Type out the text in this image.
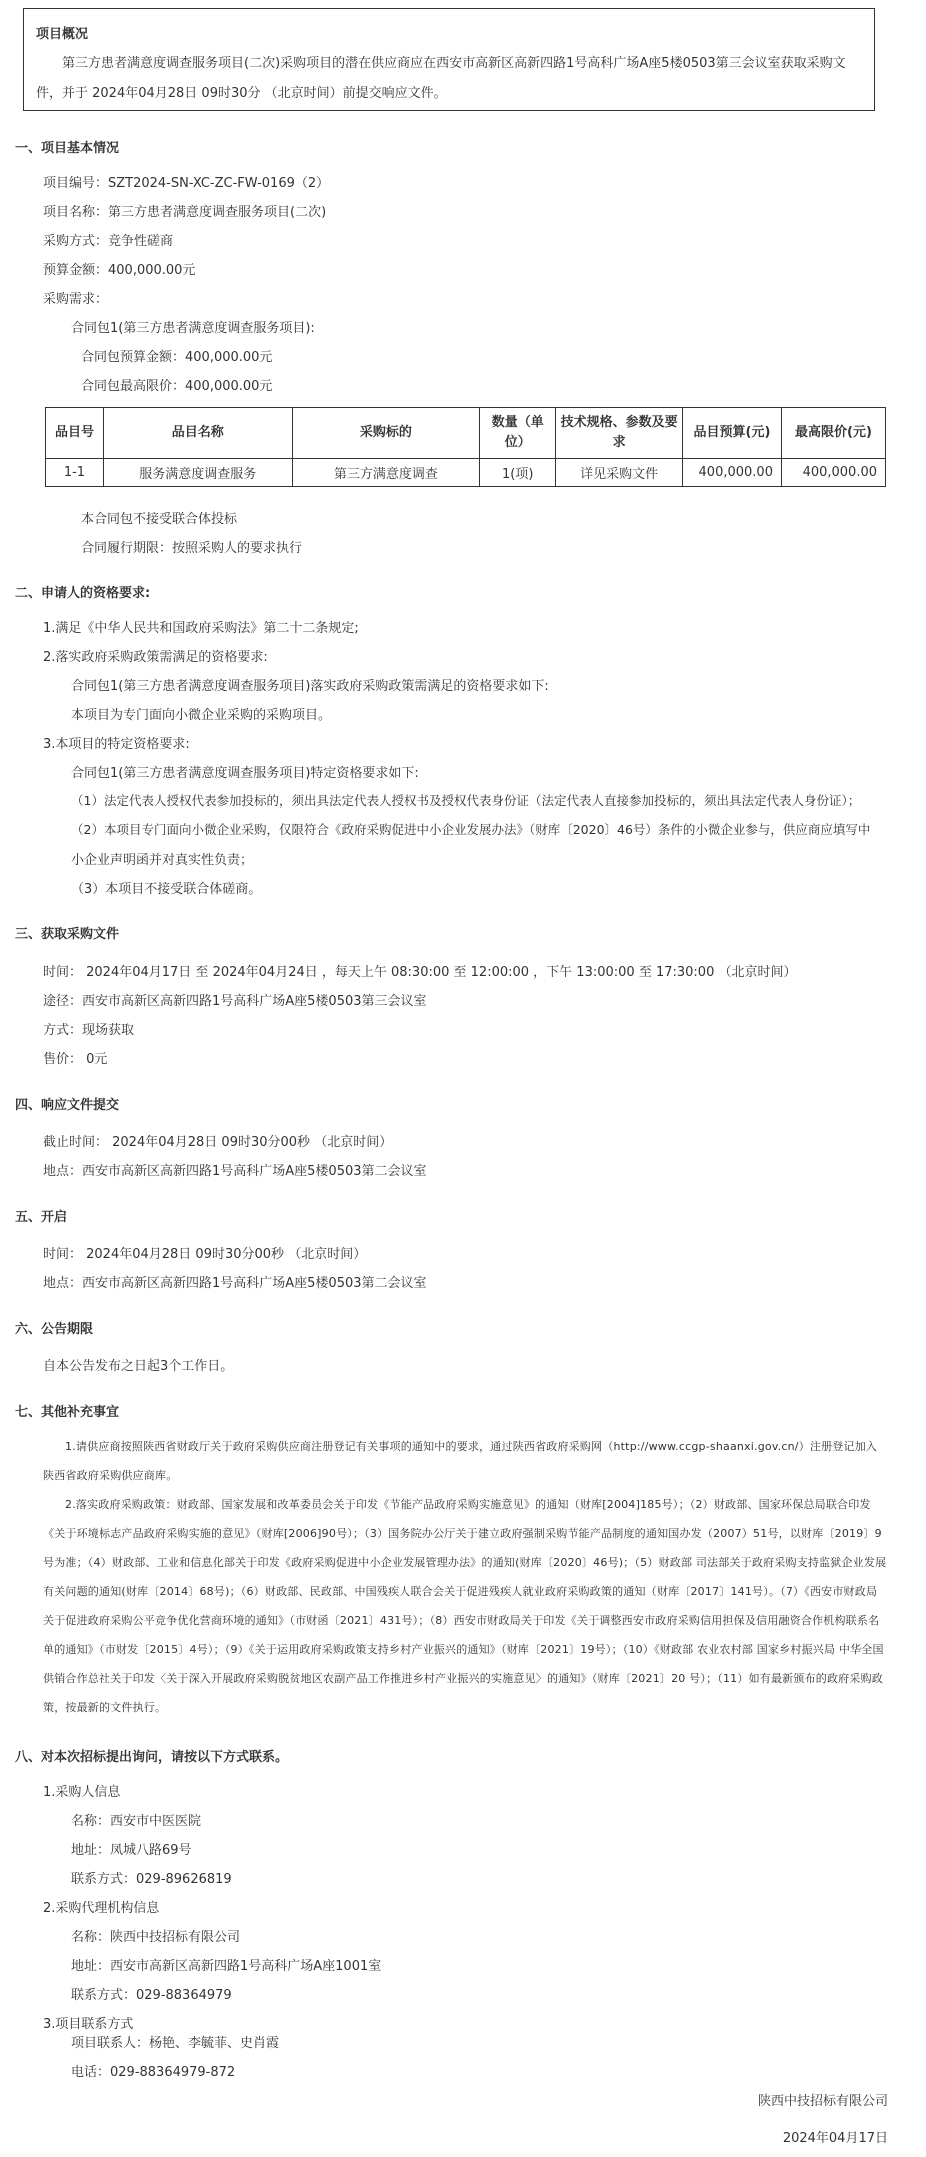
项目概况
第三方患者满意度调查服务项目(二次)采购项目的潜在供应商应在西安市高新区高新四路1号高科广场A座5楼0503第三会议室获取采购文件，并于 2024年04月28日 09时30分 （北京时间）前提交响应文件。
一、项目基本情况
项目编号：SZT2024-SN-XC-ZC-FW-0169（2）
项目名称：第三方患者满意度调查服务项目(二次)
采购方式：竞争性磋商
预算金额：400,000.00元
采购需求：
合同包1(第三方患者满意度调查服务项目):
合同包预算金额：400,000.00元
合同包最高限价：400,000.00元
品目号	品目名称	采购标的	数量（单位）	技术规格、参数及要求	品目预算(元)	最高限价(元)
1-1	服务满意度调查服务	第三方满意度调查	1(项)	详见采购文件	400,000.00	400,000.00
本合同包不接受联合体投标
合同履行期限：按照采购人的要求执行
二、申请人的资格要求:
1.满足《中华人民共和国政府采购法》第二十二条规定;
2.落实政府采购政策需满足的资格要求:
合同包1(第三方患者满意度调查服务项目)落实政府采购政策需满足的资格要求如下:
本项目为专门面向小微企业采购的采购项目。
3.本项目的特定资格要求:
合同包1(第三方患者满意度调查服务项目)特定资格要求如下:
（1）法定代表人授权代表参加投标的，须出具法定代表人授权书及授权代表身份证（法定代表人直接参加投标的，须出具法定代表人身份证）；
（2）本项目专门面向小微企业采购，仅限符合《政府采购促进中小企业发展办法》（财库〔2020〕46号）条件的小微企业参与，供应商应填写中
小企业声明函并对真实性负责；
（3）本项目不接受联合体磋商。
三、获取采购文件
时间： 2024年04月17日 至 2024年04月24日 ，每天上午 08:30:00 至 12:00:00 ，下午 13:00:00 至 17:30:00 （北京时间）
途径：西安市高新区高新四路1号高科广场A座5楼0503第三会议室
方式：现场获取
售价： 0元
四、响应文件提交
截止时间： 2024年04月28日 09时30分00秒 （北京时间）
地点：西安市高新区高新四路1号高科广场A座5楼0503第二会议室
五、开启
时间： 2024年04月28日 09时30分00秒 （北京时间）
地点：西安市高新区高新四路1号高科广场A座5楼0503第二会议室
六、公告期限
自本公告发布之日起3个工作日。
七、其他补充事宜
1.请供应商按照陕西省财政厅关于政府采购供应商注册登记有关事项的通知中的要求，通过陕西省政府采购网（http://www.ccgp-shaanxi.gov.cn/）注册登记加入陕西省政府采购供应商库。
2.落实政府采购政策：财政部、国家发展和改革委员会关于印发《节能产品政府采购实施意见》的通知（财库[2004]185号）；（2）财政部、国家环保总局联合印发《关于环境标志产品政府采购实施的意见》（财库[2006]90号）；（3）国务院办公厅关于建立政府强制采购节能产品制度的通知国办发（2007）51号，以财库〔2019〕9号为准；（4）财政部、工业和信息化部关于印发《政府采购促进中小企业发展管理办法》的通知(财库〔2020〕46号)；（5）财政部 司法部关于政府采购支持监狱企业发展有关问题的通知(财库〔2014〕68号)；（6）财政部、民政部、中国残疾人联合会关于促进残疾人就业政府采购政策的通知（财库〔2017〕141号）。（7）《西安市财政局关于促进政府采购公平竞争优化营商环境的通知》（市财函〔2021〕431号）；（8）西安市财政局关于印发《关于调整西安市政府采购信用担保及信用融资合作机构联系名单的通知》（市财发〔2015〕4号）；（9）《关于运用政府采购政策支持乡村产业振兴的通知》（财库〔2021〕19号）；（10）《财政部 农业农村部 国家乡村振兴局 中华全国供销合作总社关于印发〈关于深入开展政府采购脱贫地区农副产品工作推进乡村产业振兴的实施意见〉的通知》（财库〔2021〕20 号）；（11）如有最新颁布的政府采购政策，按最新的文件执行。
八、对本次招标提出询问，请按以下方式联系。
1.采购人信息
名称：西安市中医医院
地址：凤城八路69号
联系方式：029-89626819
2.采购代理机构信息
名称：陕西中技招标有限公司
地址：西安市高新区高新四路1号高科广场A座1001室
联系方式：029-88364979
3.项目联系方式
项目联系人：杨艳、李毓菲、史肖霞
电话：029-88364979-872
陕西中技招标有限公司
2024年04月17日
